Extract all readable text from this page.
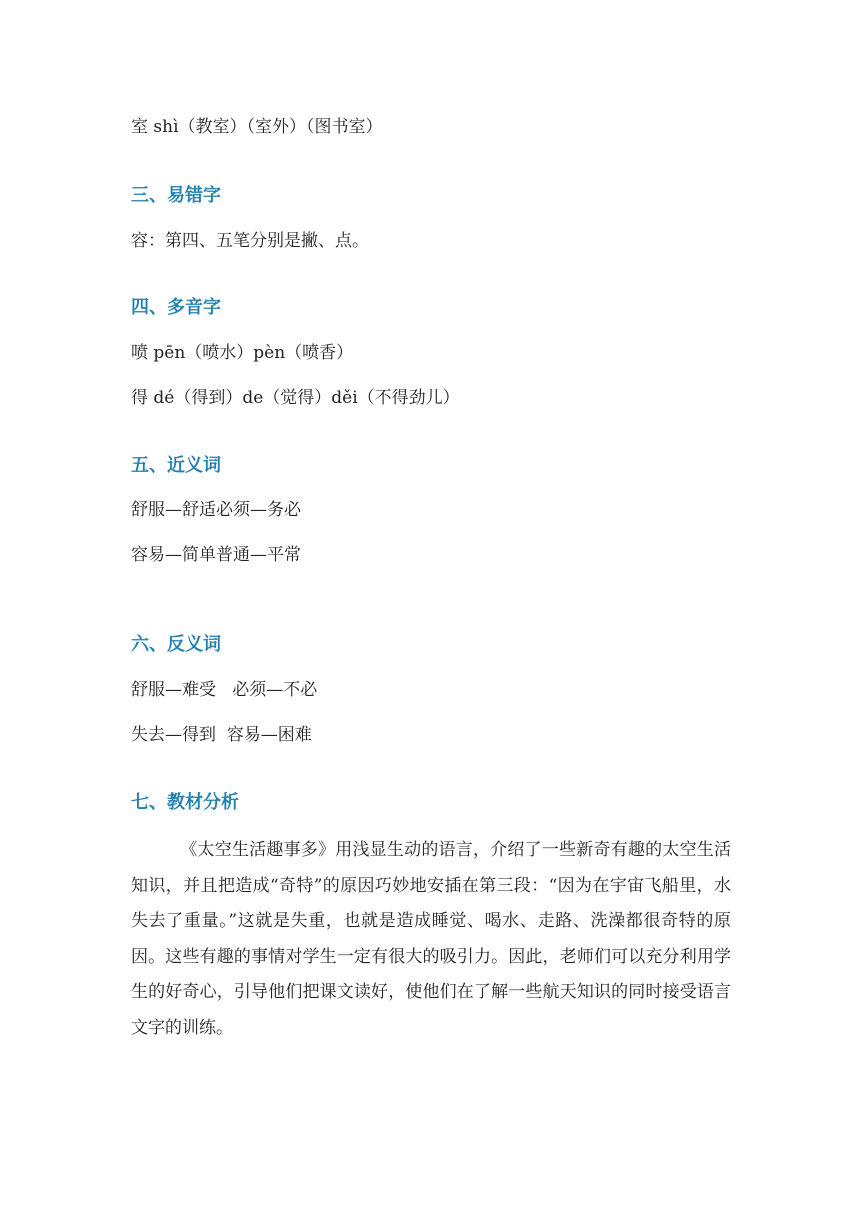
室 shì（教室）（室外）（图书室）
三、易错字
容：第四、五笔分别是撇、点。
四、多音字
喷 pēn（喷水）pèn（喷香）
得 dé（得到）de（觉得）děi（不得劲儿）
五、近义词
舒服—舒适必须—务必
容易—简单普通—平常
六、反义词
舒服—难受   必须—不必
失去—得到  容易—困难
七、教材分析
《太空生活趣事多》用浅显生动的语言，介绍了一些新奇有趣的太空生活知识，并且把造成“奇特”的原因巧妙地安插在第三段：“因为在宇宙飞船里，水失去了重量。”这就是失重，也就是造成睡觉、喝水、走路、洗澡都很奇特的原因。这些有趣的事情对学生一定有很大的吸引力。因此，老师们可以充分利用学生的好奇心，引导他们把课文读好，使他们在了解一些航天知识的同时接受语言文字的训练。
